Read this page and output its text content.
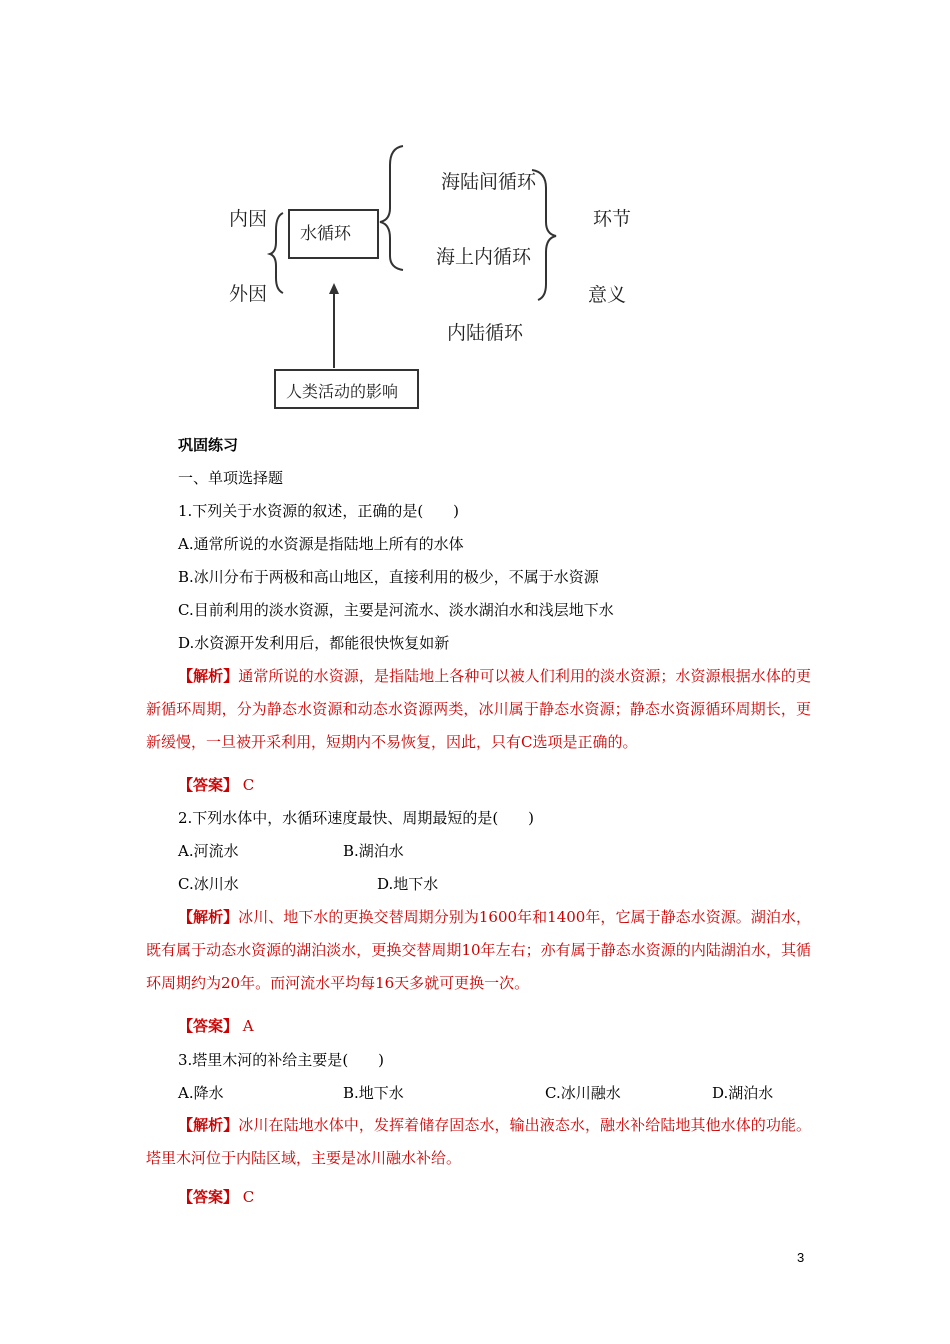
内因
外因
水循环
海陆间循环
海上内循环
内陆循环
环节
意义
人类活动的影响
巩固练习
一、单项选择题
1.下列关于水资源的叙述，正确的是(　　)
A.通常所说的水资源是指陆地上所有的水体
B.冰川分布于两极和高山地区，直接利用的极少，不属于水资源
C.目前利用的淡水资源，主要是河流水、淡水湖泊水和浅层地下水
D.水资源开发利用后，都能很快恢复如新
【解析】通常所说的水资源，是指陆地上各种可以被人们利用的淡水资源；水资源根据水体的更新循环周期，分为静态水资源和动态水资源两类，冰川属于静态水资源；静态水资源循环周期长，更新缓慢，一旦被开采利用，短期内不易恢复，因此，只有C选项是正确的。
【答案】 C
2.下列水体中，水循环速度最快、周期最短的是(　　)
A.河流水	B.湖泊水
C.冰川水	D.地下水
【解析】冰川、地下水的更换交替周期分别为1600年和1400年，它属于静态水资源。湖泊水，既有属于动态水资源的湖泊淡水，更换交替周期10年左右；亦有属于静态水资源的内陆湖泊水，其循环周期约为20年。而河流水平均每16天多就可更换一次。
【答案】 A
3.塔里木河的补给主要是(　　)
A.降水	B.地下水	C.冰川融水	D.湖泊水
【解析】冰川在陆地水体中，发挥着储存固态水，输出液态水，融水补给陆地其他水体的功能。塔里木河位于内陆区域，主要是冰川融水补给。
【答案】 C
3
